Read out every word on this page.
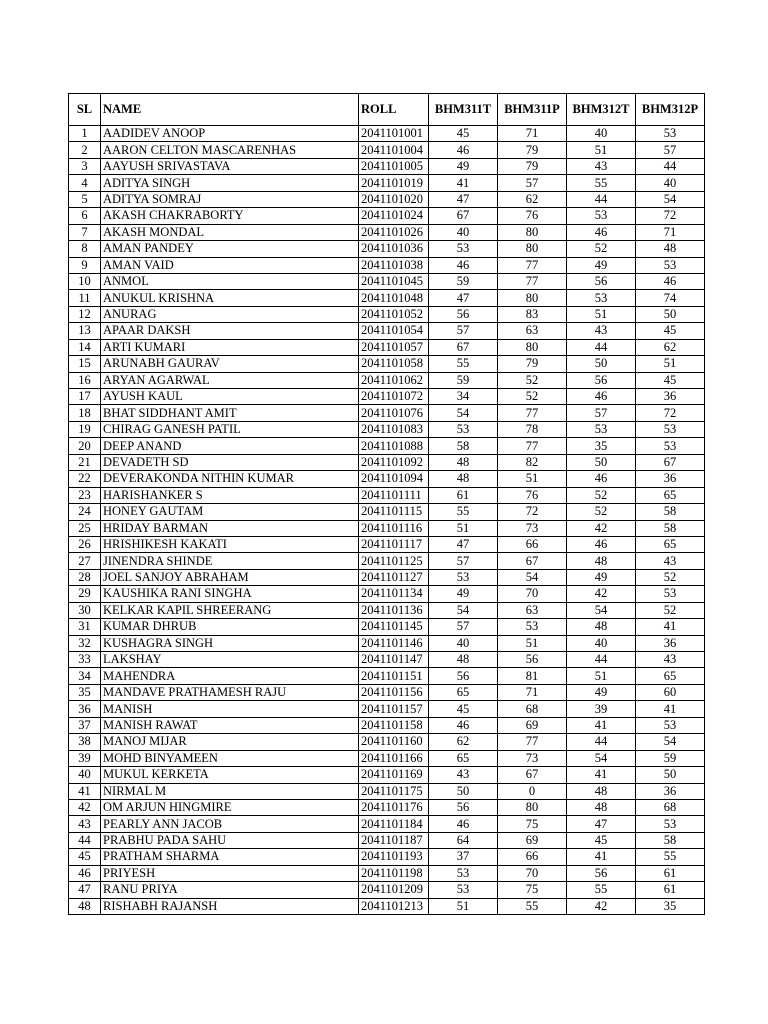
SL	NAME	ROLL	BHM311T	BHM311P	BHM312T	BHM312P
1	AADIDEV ANOOP	2041101001	45	71	40	53
2	AARON CELTON MASCARENHAS	2041101004	46	79	51	57
3	AAYUSH SRIVASTAVA	2041101005	49	79	43	44
4	ADITYA SINGH	2041101019	41	57	55	40
5	ADITYA SOMRAJ	2041101020	47	62	44	54
6	AKASH CHAKRABORTY	2041101024	67	76	53	72
7	AKASH MONDAL	2041101026	40	80	46	71
8	AMAN PANDEY	2041101036	53	80	52	48
9	AMAN VAID	2041101038	46	77	49	53
10	ANMOL	2041101045	59	77	56	46
11	ANUKUL KRISHNA	2041101048	47	80	53	74
12	ANURAG	2041101052	56	83	51	50
13	APAAR DAKSH	2041101054	57	63	43	45
14	ARTI KUMARI	2041101057	67	80	44	62
15	ARUNABH GAURAV	2041101058	55	79	50	51
16	ARYAN AGARWAL	2041101062	59	52	56	45
17	AYUSH KAUL	2041101072	34	52	46	36
18	BHAT SIDDHANT AMIT	2041101076	54	77	57	72
19	CHIRAG GANESH PATIL	2041101083	53	78	53	53
20	DEEP ANAND	2041101088	58	77	35	53
21	DEVADETH SD	2041101092	48	82	50	67
22	DEVERAKONDA NITHIN KUMAR	2041101094	48	51	46	36
23	HARISHANKER S	2041101111	61	76	52	65
24	HONEY GAUTAM	2041101115	55	72	52	58
25	HRIDAY BARMAN	2041101116	51	73	42	58
26	HRISHIKESH KAKATI	2041101117	47	66	46	65
27	JINENDRA SHINDE	2041101125	57	67	48	43
28	JOEL SANJOY ABRAHAM	2041101127	53	54	49	52
29	KAUSHIKA RANI SINGHA	2041101134	49	70	42	53
30	KELKAR KAPIL SHREERANG	2041101136	54	63	54	52
31	KUMAR DHRUB	2041101145	57	53	48	41
32	KUSHAGRA SINGH	2041101146	40	51	40	36
33	LAKSHAY	2041101147	48	56	44	43
34	MAHENDRA	2041101151	56	81	51	65
35	MANDAVE PRATHAMESH RAJU	2041101156	65	71	49	60
36	MANISH	2041101157	45	68	39	41
37	MANISH RAWAT	2041101158	46	69	41	53
38	MANOJ MIJAR	2041101160	62	77	44	54
39	MOHD BINYAMEEN	2041101166	65	73	54	59
40	MUKUL KERKETA	2041101169	43	67	41	50
41	NIRMAL M	2041101175	50	0	48	36
42	OM ARJUN HINGMIRE	2041101176	56	80	48	68
43	PEARLY ANN JACOB	2041101184	46	75	47	53
44	PRABHU PADA SAHU	2041101187	64	69	45	58
45	PRATHAM SHARMA	2041101193	37	66	41	55
46	PRIYESH	2041101198	53	70	56	61
47	RANU PRIYA	2041101209	53	75	55	61
48	RISHABH RAJANSH	2041101213	51	55	42	35
